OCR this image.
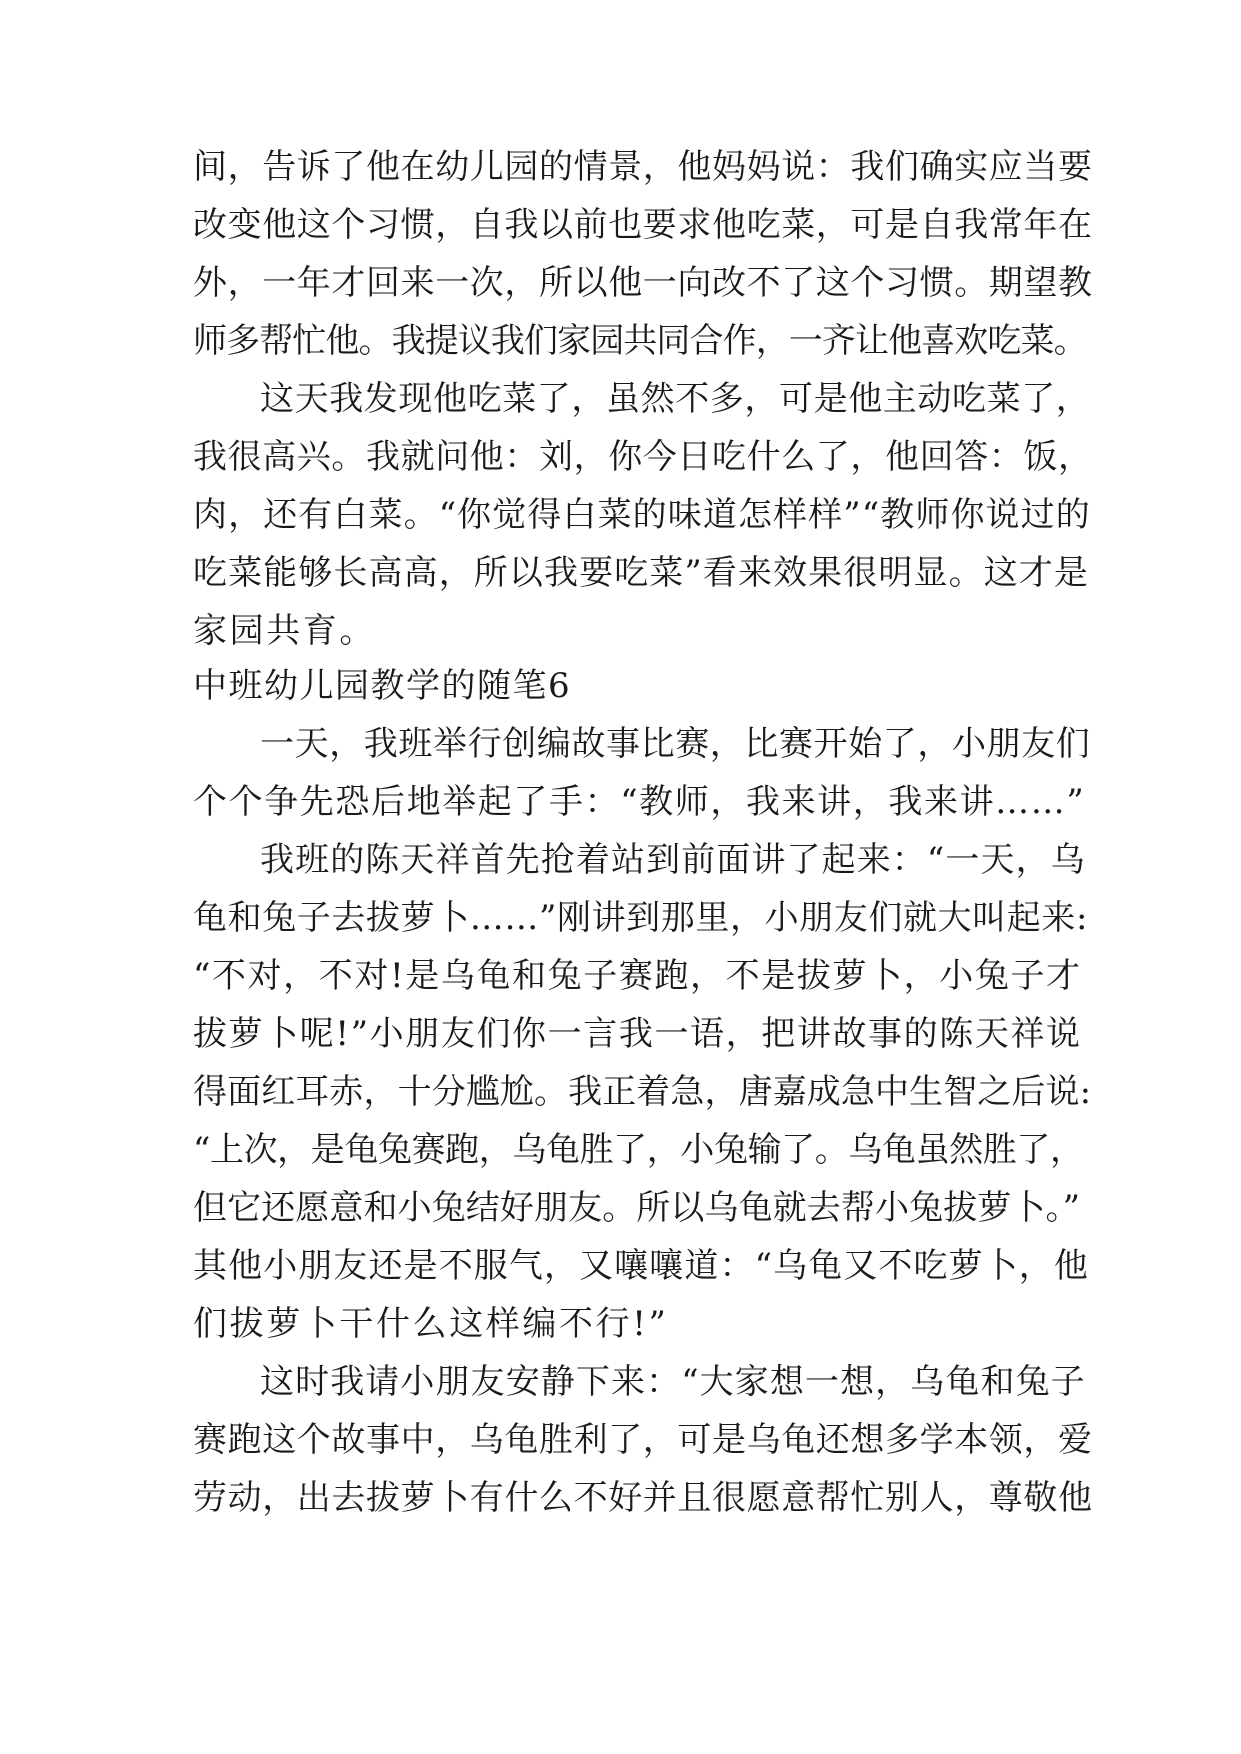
间，告诉了他在幼儿园的情景，他妈妈说：我们确实应当要
改变他这个习惯，自我以前也要求他吃菜，可是自我常年在
外，一年才回来一次，所以他一向改不了这个习惯。期望教
师多帮忙他。我提议我们家园共同合作，一齐让他喜欢吃菜。
这天我发现他吃菜了，虽然不多，可是他主动吃菜了，
我很高兴。我就问他：刘，你今日吃什么了，他回答：饭，
肉，还有白菜。“你觉得白菜的味道怎样样”“教师你说过的
吃菜能够长高高，所以我要吃菜”看来效果很明显。这才是
家园共育。
中班幼儿园教学的随笔6
一天，我班举行创编故事比赛，比赛开始了，小朋友们
个个争先恐后地举起了手：“教师，我来讲，我来讲……”
我班的陈天祥首先抢着站到前面讲了起来：“一天，乌
龟和兔子去拔萝卜……”刚讲到那里，小朋友们就大叫起来:
“不对，不对!是乌龟和兔子赛跑，不是拔萝卜，小兔子才
拔萝卜呢!”小朋友们你一言我一语，把讲故事的陈天祥说
得面红耳赤，十分尴尬。我正着急，唐嘉成急中生智之后说:
“上次，是龟兔赛跑，乌龟胜了，小兔输了。乌龟虽然胜了，
但它还愿意和小兔结好朋友。所以乌龟就去帮小兔拔萝卜。”
其他小朋友还是不服气，又嚷嚷道：“乌龟又不吃萝卜，他
们拔萝卜干什么这样编不行!”
这时我请小朋友安静下来：“大家想一想，乌龟和兔子
赛跑这个故事中，乌龟胜利了，可是乌龟还想多学本领，爱
劳动，出去拔萝卜有什么不好并且很愿意帮忙别人，尊敬他
